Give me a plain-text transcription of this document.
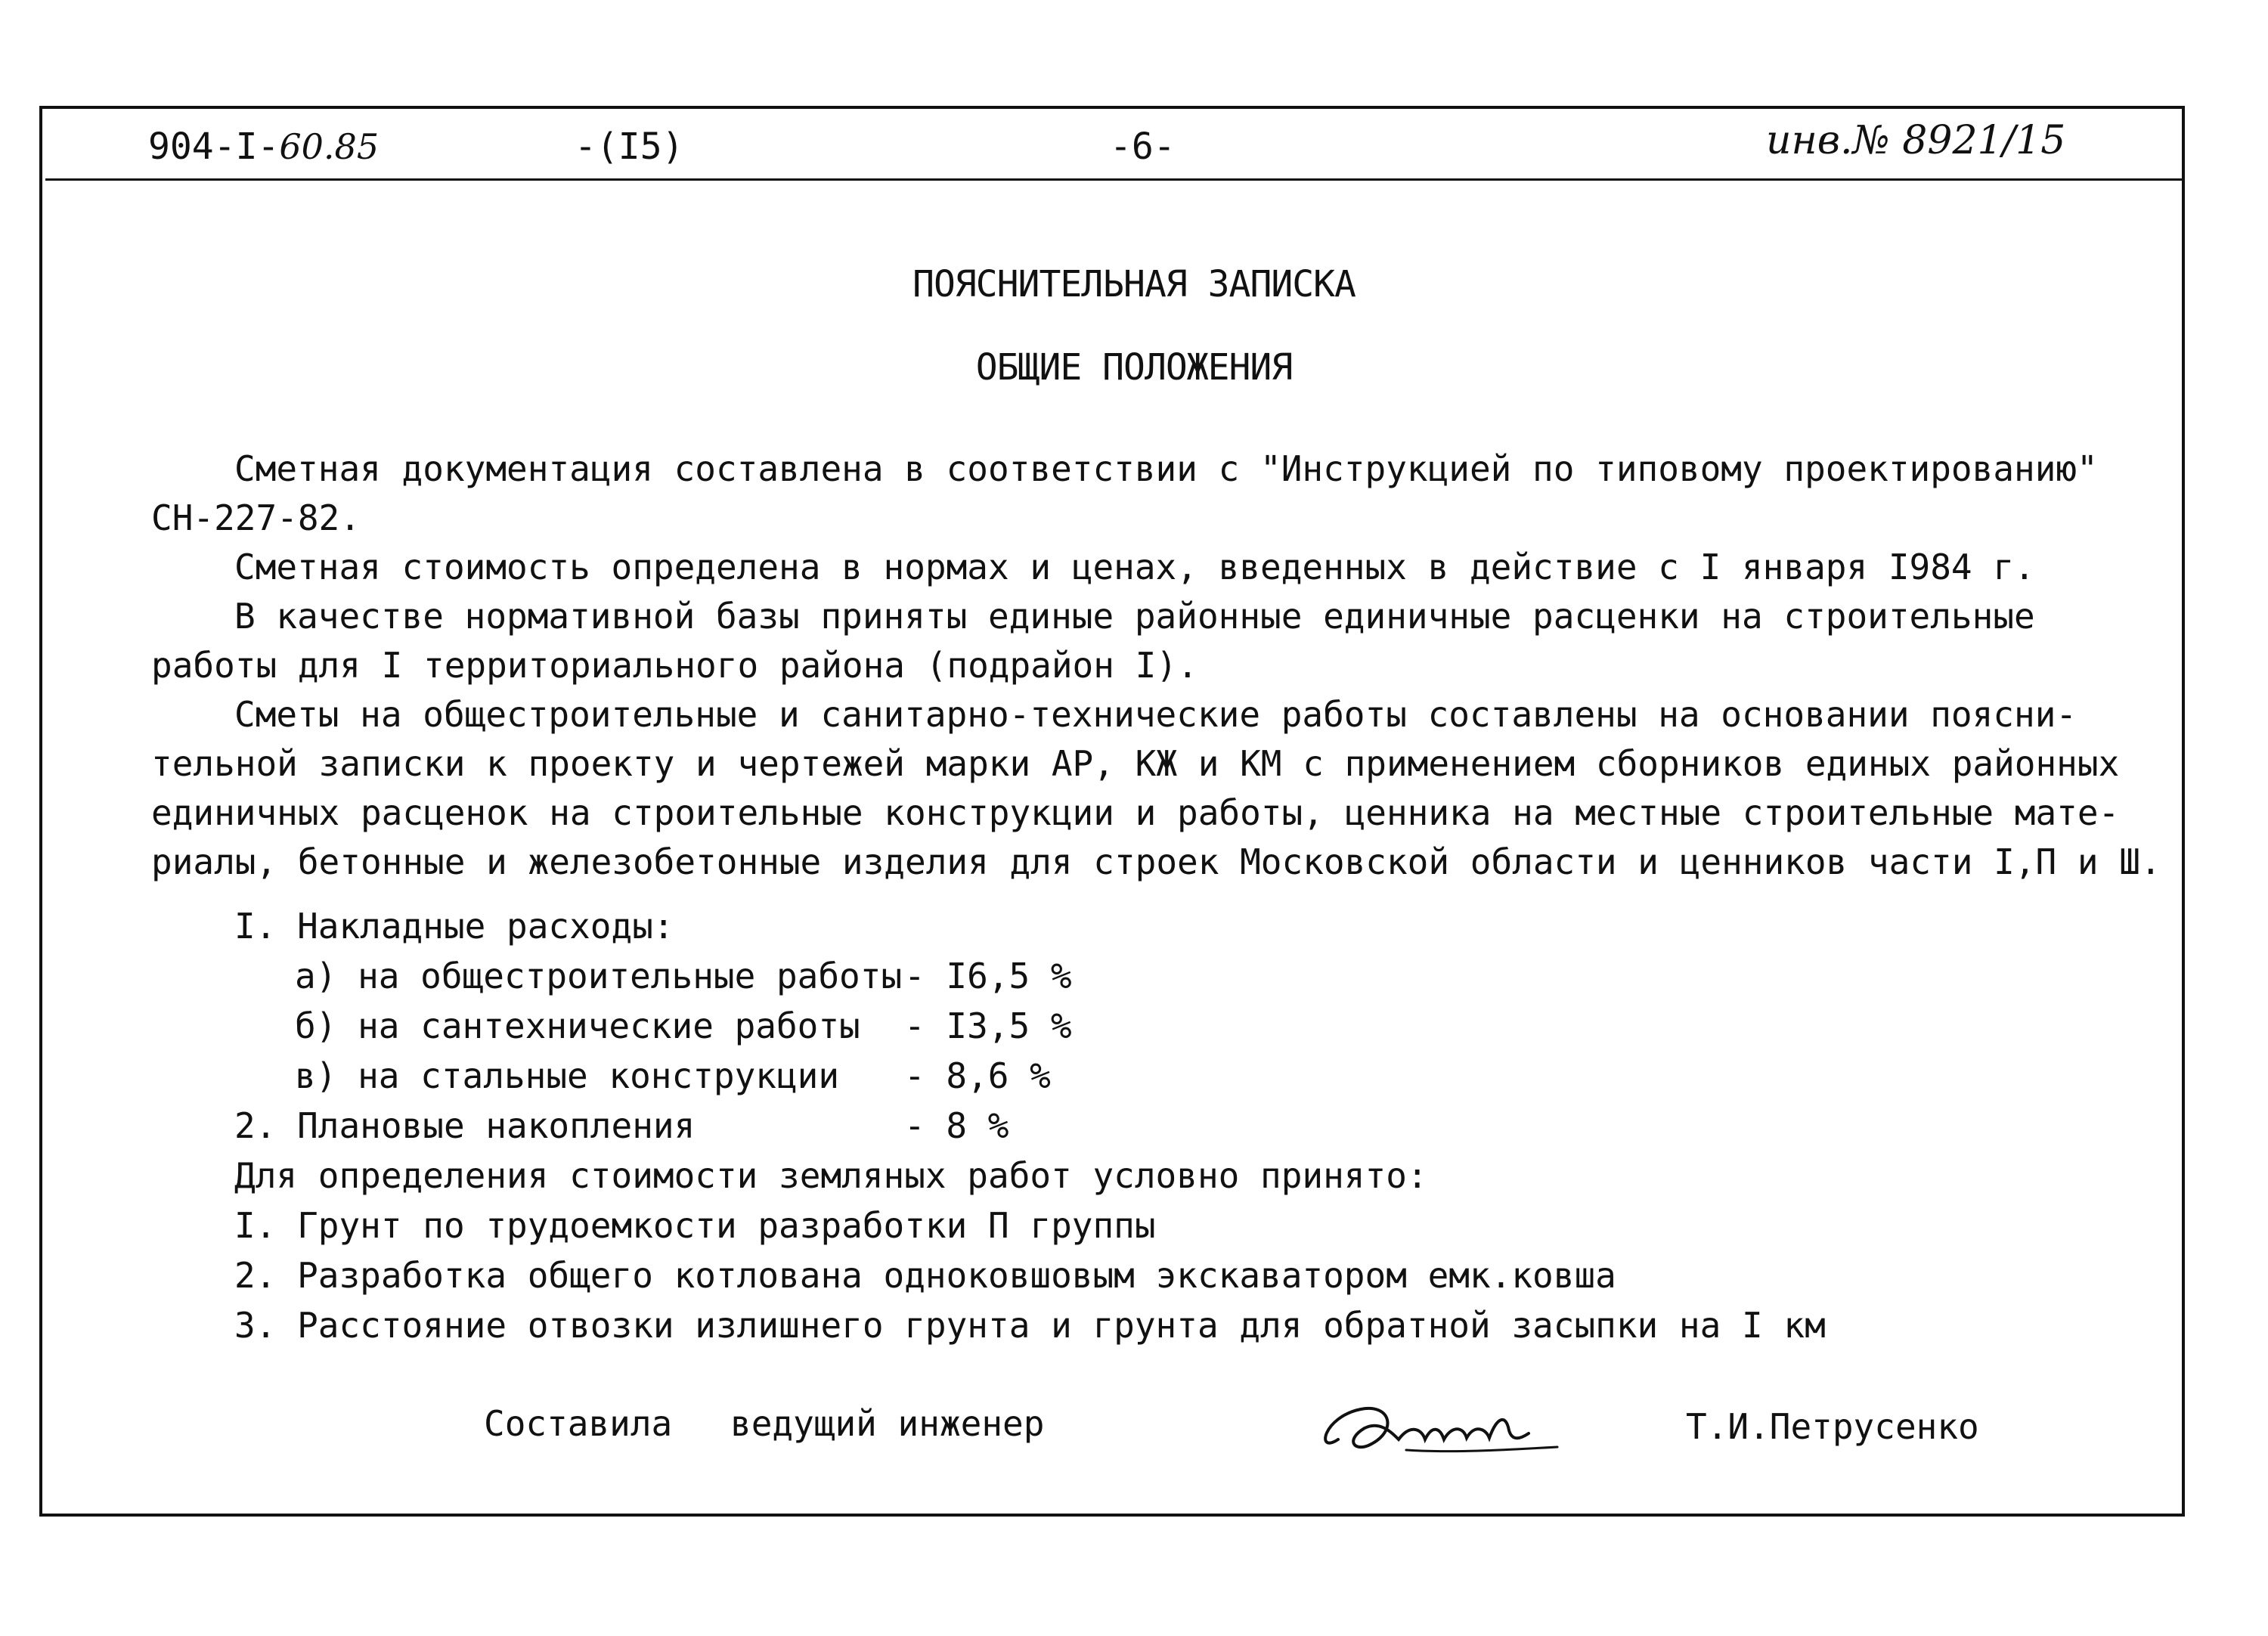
904-I-60.85	-(I5)	-6-	инв.№ 8921/15
ПОЯСНИТЕЛЬНАЯ ЗАПИСКА
ОБЩИЕ ПОЛОЖЕНИЯ
Сметная документация составлена в соответствии с "Инструкцией по типовому проектированию"
СН-227-82.
Сметная стоимость определена в нормах и ценах, введенных в действие с I января I984 г.
В качестве нормативной базы приняты единые районные единичные расценки на строительные
работы для I территориального района (подрайон I).
Сметы на общестроительные и санитарно-технические работы составлены на основании поясни-
тельной записки к проекту и чертежей марки АР, КЖ и КМ с применением сборников единых районных
единичных расценок на строительные конструкции и работы, ценника на местные строительные мате-
риалы, бетонные и железобетонные изделия для строек Московской области и ценников части I,П и Ш.
I. Накладные расходы:
а) на общестроительные работы - I6,5 %
б) на сантехнические работы - I3,5 %
в) на стальные конструкции - 8,6 %
2. Плановые накопления	- 8 %
Для определения стоимости земляных работ условно принято:
I. Грунт по трудоемкости разработки П группы
2. Разработка общего котлована одноковшовым экскаватором емк.ковша
3. Расстояние отвозки излишнего грунта и грунта для обратной засыпки на I км
Составила ведущий инженер	Т.И.Петрусенко
